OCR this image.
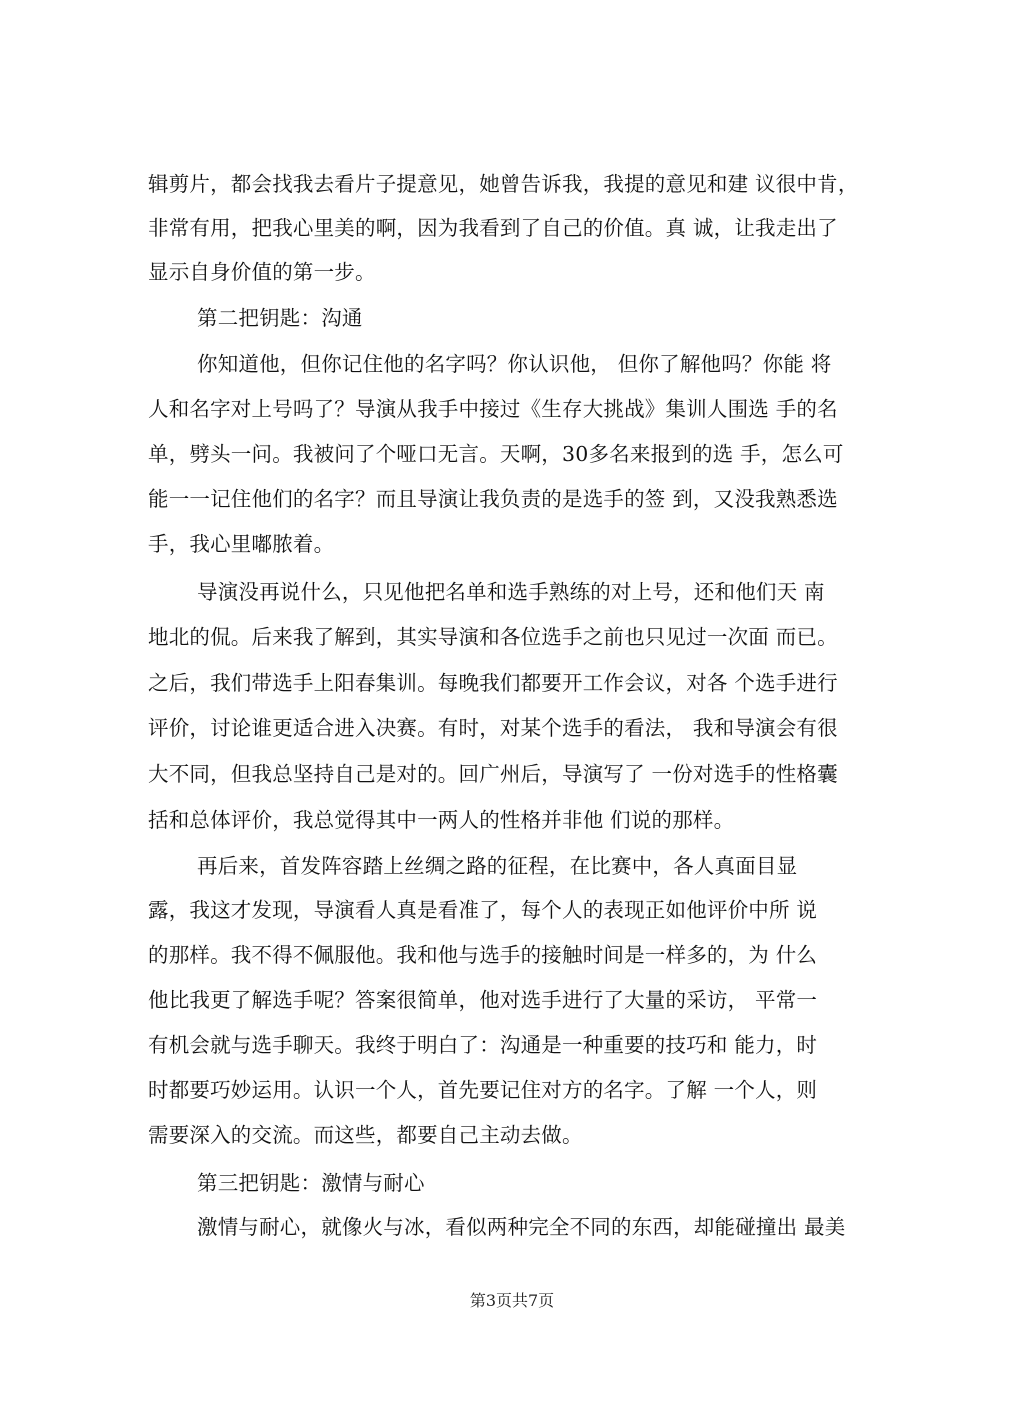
辑剪片，都会找我去看片子提意见，她曾告诉我，我提的意见和建 议很中肯，
非常有用，把我心里美的啊，因为我看到了自己的价值。真 诚，让我走出了
显示自身价值的第一步。
第二把钥匙：沟通
你知道他，但你记住他的名字吗？你认识他， 但你了解他吗？你能 将
人和名字对上号吗了？导演从我手中接过《生存大挑战》集训人围选 手的名
单，劈头一问。我被问了个哑口无言。天啊，30多名来报到的选 手，怎么可
能一一记住他们的名字？而且导演让我负责的是选手的签 到，又没我熟悉选
手，我心里嘟脓着。
导演没再说什么，只见他把名单和选手熟练的对上号，还和他们天 南
地北的侃。后来我了解到，其实导演和各位选手之前也只见过一次面 而已。
之后，我们带选手上阳春集训。每晚我们都要开工作会议，对各 个选手进行
评价，讨论谁更适合进入决赛。有时，对某个选手的看法， 我和导演会有很
大不同，但我总坚持自己是对的。回广州后，导演写了 一份对选手的性格囊
括和总体评价，我总觉得其中一两人的性格并非他 们说的那样。
再后来，首发阵容踏上丝绸之路的征程，在比赛中，各人真面目显
露，我这才发现，导演看人真是看准了，每个人的表现正如他评价中所 说
的那样。我不得不佩服他。我和他与选手的接触时间是一样多的，为 什么
他比我更了解选手呢？答案很简单，他对选手进行了大量的采访， 平常一
有机会就与选手聊天。我终于明白了：沟通是一种重要的技巧和 能力，时
时都要巧妙运用。认识一个人，首先要记住对方的名字。了解 一个人，则
需要深入的交流。而这些，都要自己主动去做。
第三把钥匙：激情与耐心
激情与耐心，就像火与冰，看似两种完全不同的东西，却能碰撞出 最美
第3页共7页
